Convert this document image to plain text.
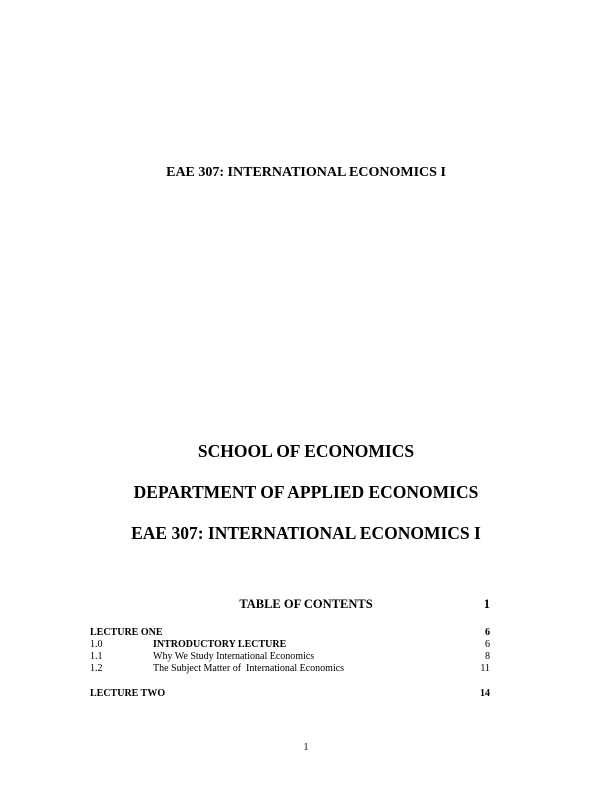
EAE 307: INTERNATIONAL ECONOMICS I
SCHOOL OF ECONOMICS
DEPARTMENT OF APPLIED ECONOMICS
EAE 307: INTERNATIONAL ECONOMICS I
TABLE OF CONTENTS	1
LECTURE ONE	6
1.0	INTRODUCTORY LECTURE	6
1.1	Why We Study International Economics	8
1.2	The Subject Matter of  International Economics	11
LECTURE TWO	14
1
